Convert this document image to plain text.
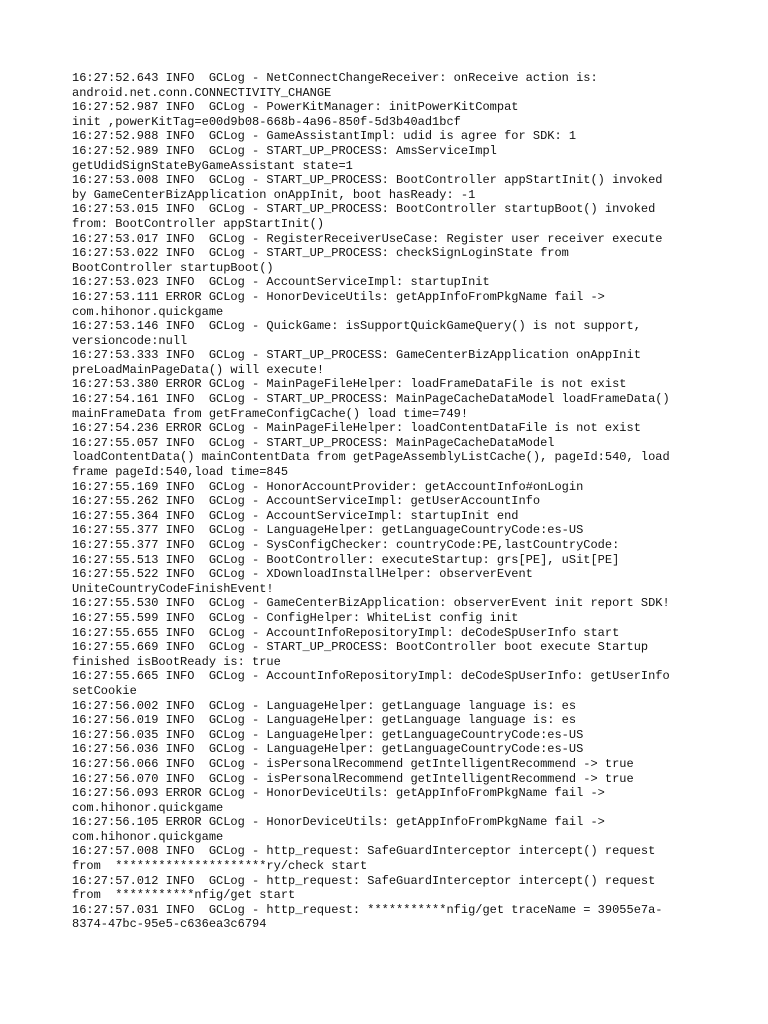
16:27:52.643 INFO  GCLog - NetConnectChangeReceiver: onReceive action is:
android.net.conn.CONNECTIVITY_CHANGE
16:27:52.987 INFO  GCLog - PowerKitManager: initPowerKitCompat
init ,powerKitTag=e00d9b08-668b-4a96-850f-5d3b40ad1bcf
16:27:52.988 INFO  GCLog - GameAssistantImpl: udid is agree for SDK: 1
16:27:52.989 INFO  GCLog - START_UP_PROCESS: AmsServiceImpl
getUdidSignStateByGameAssistant state=1
16:27:53.008 INFO  GCLog - START_UP_PROCESS: BootController appStartInit() invoked
by GameCenterBizApplication onAppInit, boot hasReady: -1
16:27:53.015 INFO  GCLog - START_UP_PROCESS: BootController startupBoot() invoked
from: BootController appStartInit()
16:27:53.017 INFO  GCLog - RegisterReceiverUseCase: Register user receiver execute
16:27:53.022 INFO  GCLog - START_UP_PROCESS: checkSignLoginState from
BootController startupBoot()
16:27:53.023 INFO  GCLog - AccountServiceImpl: startupInit
16:27:53.111 ERROR GCLog - HonorDeviceUtils: getAppInfoFromPkgName fail ->
com.hihonor.quickgame
16:27:53.146 INFO  GCLog - QuickGame: isSupportQuickGameQuery() is not support,
versioncode:null
16:27:53.333 INFO  GCLog - START_UP_PROCESS: GameCenterBizApplication onAppInit
preLoadMainPageData() will execute!
16:27:53.380 ERROR GCLog - MainPageFileHelper: loadFrameDataFile is not exist
16:27:54.161 INFO  GCLog - START_UP_PROCESS: MainPageCacheDataModel loadFrameData()
mainFrameData from getFrameConfigCache() load time=749!
16:27:54.236 ERROR GCLog - MainPageFileHelper: loadContentDataFile is not exist
16:27:55.057 INFO  GCLog - START_UP_PROCESS: MainPageCacheDataModel
loadContentData() mainContentData from getPageAssemblyListCache(), pageId:540, load
frame pageId:540,load time=845
16:27:55.169 INFO  GCLog - HonorAccountProvider: getAccountInfo#onLogin
16:27:55.262 INFO  GCLog - AccountServiceImpl: getUserAccountInfo
16:27:55.364 INFO  GCLog - AccountServiceImpl: startupInit end
16:27:55.377 INFO  GCLog - LanguageHelper: getLanguageCountryCode:es-US
16:27:55.377 INFO  GCLog - SysConfigChecker: countryCode:PE,lastCountryCode:
16:27:55.513 INFO  GCLog - BootController: executeStartup: grs[PE], uSit[PE]
16:27:55.522 INFO  GCLog - XDownloadInstallHelper: observerEvent
UniteCountryCodeFinishEvent!
16:27:55.530 INFO  GCLog - GameCenterBizApplication: observerEvent init report SDK!
16:27:55.599 INFO  GCLog - ConfigHelper: WhiteList config init
16:27:55.655 INFO  GCLog - AccountInfoRepositoryImpl: deCodeSpUserInfo start
16:27:55.669 INFO  GCLog - START_UP_PROCESS: BootController boot execute Startup
finished isBootReady is: true
16:27:55.665 INFO  GCLog - AccountInfoRepositoryImpl: deCodeSpUserInfo: getUserInfo
setCookie
16:27:56.002 INFO  GCLog - LanguageHelper: getLanguage language is: es
16:27:56.019 INFO  GCLog - LanguageHelper: getLanguage language is: es
16:27:56.035 INFO  GCLog - LanguageHelper: getLanguageCountryCode:es-US
16:27:56.036 INFO  GCLog - LanguageHelper: getLanguageCountryCode:es-US
16:27:56.066 INFO  GCLog - isPersonalRecommend getIntelligentRecommend -> true
16:27:56.070 INFO  GCLog - isPersonalRecommend getIntelligentRecommend -> true
16:27:56.093 ERROR GCLog - HonorDeviceUtils: getAppInfoFromPkgName fail ->
com.hihonor.quickgame
16:27:56.105 ERROR GCLog - HonorDeviceUtils: getAppInfoFromPkgName fail ->
com.hihonor.quickgame
16:27:57.008 INFO  GCLog - http_request: SafeGuardInterceptor intercept() request
from  *********************ry/check start
16:27:57.012 INFO  GCLog - http_request: SafeGuardInterceptor intercept() request
from  ***********nfig/get start
16:27:57.031 INFO  GCLog - http_request: ***********nfig/get traceName = 39055e7a-
8374-47bc-95e5-c636ea3c6794
